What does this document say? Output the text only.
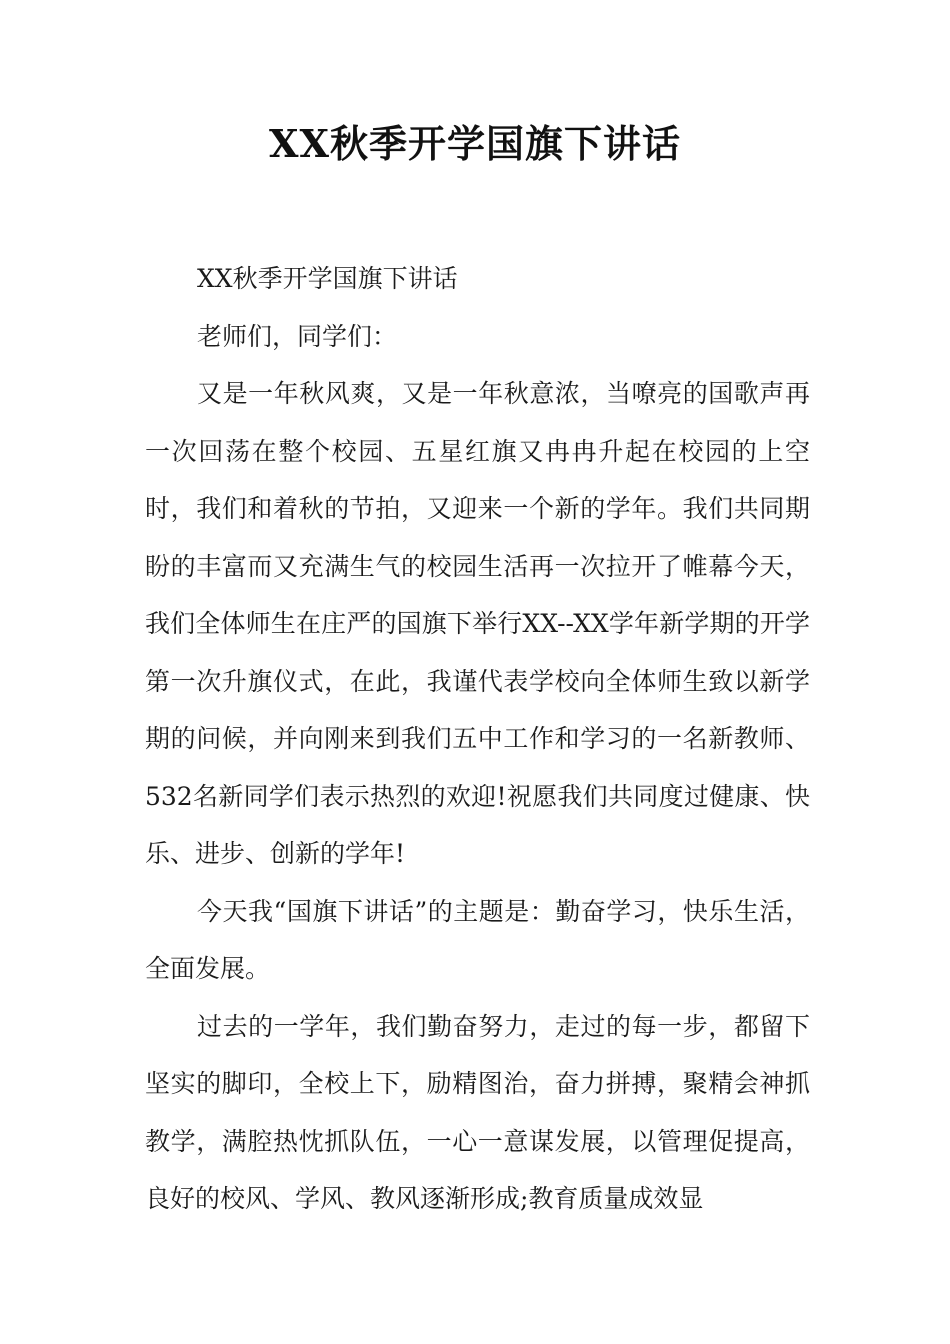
XX秋季开学国旗下讲话

XX秋季开学国旗下讲话

老师们，同学们：

又是一年秋风爽，又是一年秋意浓，当嘹亮的国歌声再一次回荡在整个校园、五星红旗又冉冉升起在校园的上空时，我们和着秋的节拍，又迎来一个新的学年。我们共同期盼的丰富而又充满生气的校园生活再一次拉开了帷幕今天，我们全体师生在庄严的国旗下举行XX--XX学年新学期的开学第一次升旗仪式，在此，我谨代表学校向全体师生致以新学期的问候，并向刚来到我们五中工作和学习的一名新教师、532名新同学们表示热烈的欢迎!祝愿我们共同度过健康、快乐、进步、创新的学年!

今天我“国旗下讲话”的主题是：勤奋学习，快乐生活，全面发展。

过去的一学年，我们勤奋努力，走过的每一步，都留下坚实的脚印，全校上下，励精图治，奋力拼搏，聚精会神抓教学，满腔热忱抓队伍，一心一意谋发展，以管理促提高，良好的校风、学风、教风逐渐形成;教育质量成效显
